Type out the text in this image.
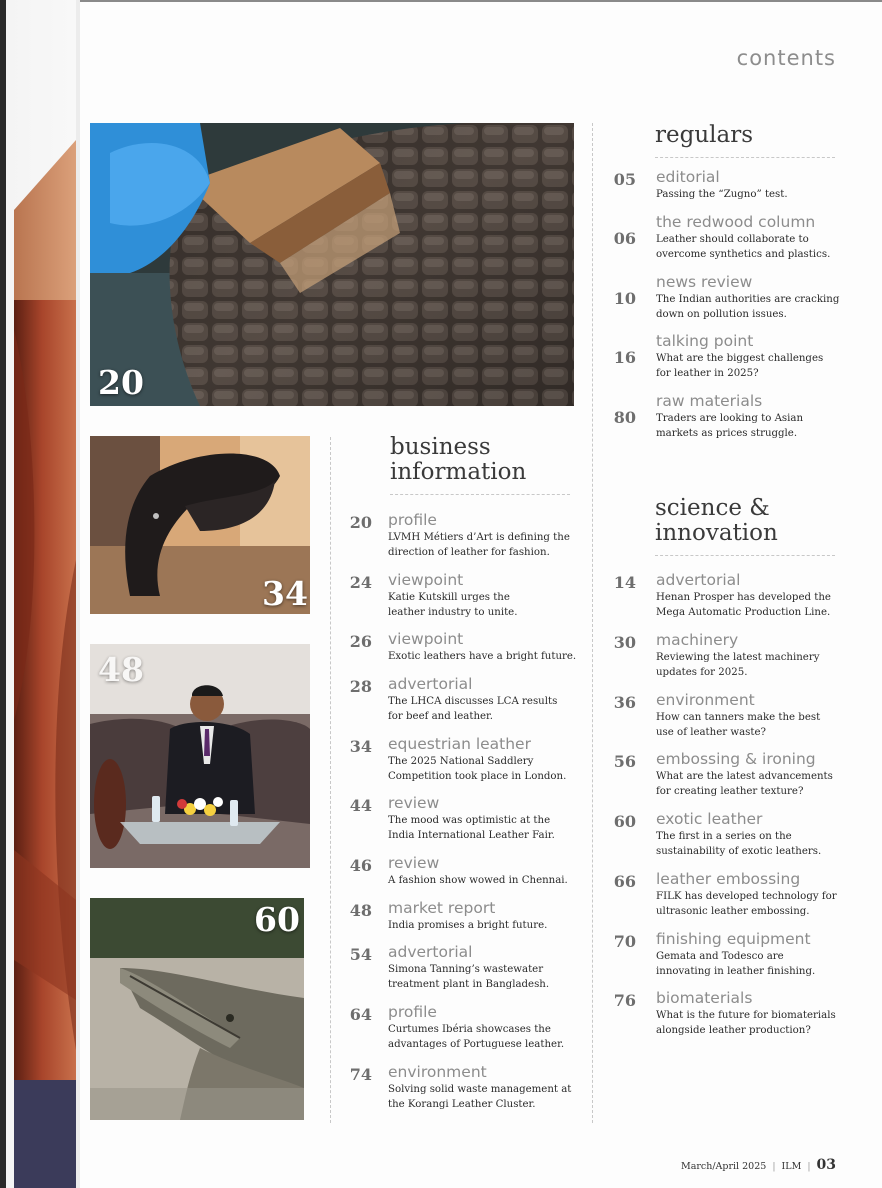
contents
20
34
48
60
business
information
regulars
science &
innovation
20 profile
LVMH Métiers d’Art is defining the direction of leather for fashion.
24 viewpoint
Katie Kutskill urges the leather industry to unite.
26 viewpoint
Exotic leathers have a bright future.
28 advertorial
The LHCA discusses LCA results for beef and leather.
34 equestrian leather
The 2025 National Saddlery Competition took place in London.
44 review
The mood was optimistic at the India International Leather Fair.
46 review
A fashion show wowed in Chennai.
48 market report
India promises a bright future.
54 advertorial
Simona Tanning’s wastewater treatment plant in Bangladesh.
64 profile
Curtumes Ibéria showcases the advantages of Portuguese leather.
74 environment
Solving solid waste management at the Korangi Leather Cluster.
05 editorial
Passing the “Zugno” test.
06
the redwood column
Leather should collaborate to overcome synthetics and plastics.
10
news review
The Indian authorities are cracking down on pollution issues.
16
talking point
What are the biggest challenges for leather in 2025?
80
raw materials
Traders are looking to Asian markets as prices struggle.
14 advertorial
Henan Prosper has developed the Mega Automatic Production Line.
30 machinery
Reviewing the latest machinery updates for 2025.
36 environment
How can tanners make the best use of leather waste?
56 embossing & ironing
What are the latest advancements for creating leather texture?
60 exotic leather
The first in a series on the sustainability of exotic leathers.
66 leather embossing
FILK has developed technology for ultrasonic leather embossing.
70 finishing equipment
Gemata and Todesco are innovating in leather finishing.
76 biomaterials
What is the future for biomaterials alongside leather production?
March/April 2025 | ILM | 03
